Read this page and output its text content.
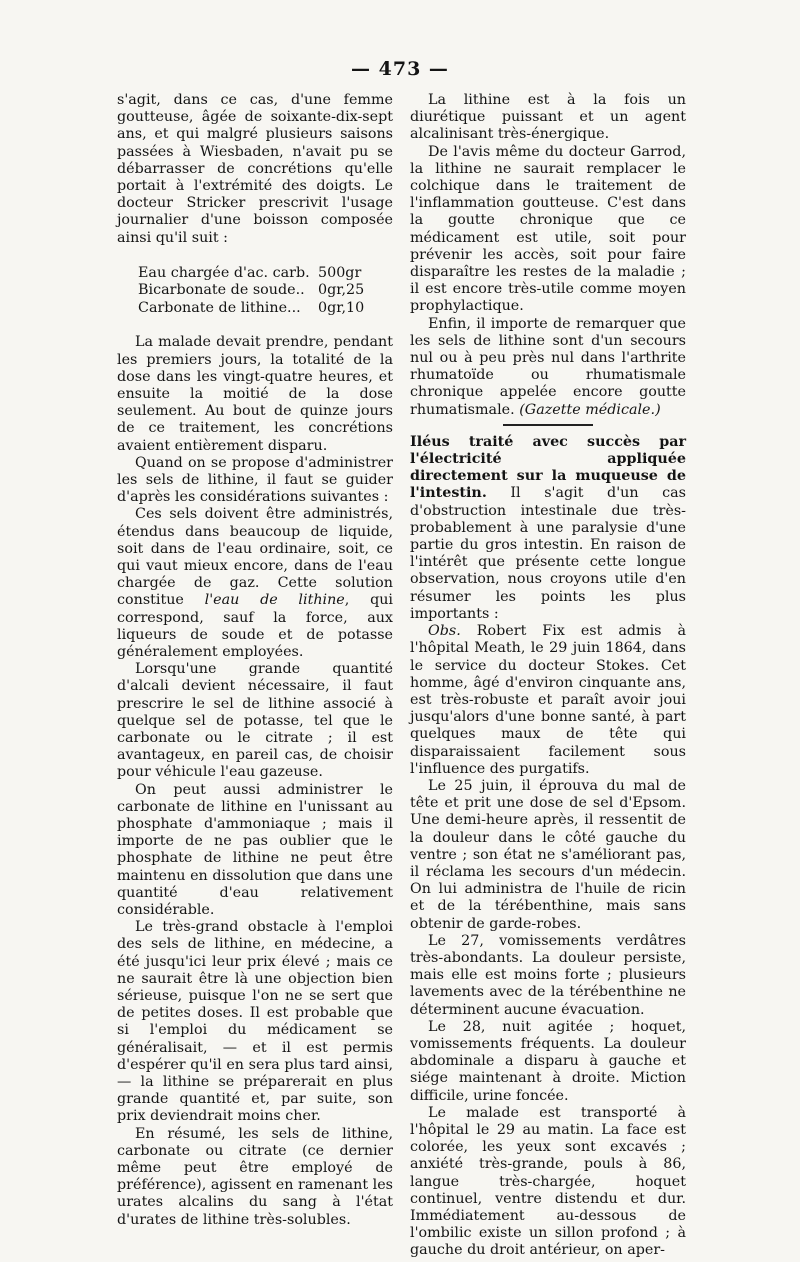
— 473 —

s'agit, dans ce cas, d'une femme goutteuse, âgée de soixante-dix-sept ans, et qui malgré plusieurs saisons passées à Wiesbaden, n'avait pu se débarrasser de concrétions qu'elle portait à l'extrémité des doigts. Le docteur Stricker prescrivit l'usage journalier d'une boisson composée ainsi qu'il suit :

Eau chargée d'ac. carb. 500gr
Bicarbonate de soude.. 0gr,25
Carbonate de lithine...	0gr,10

La malade devait prendre, pendant les premiers jours, la totalité de la dose dans les vingt-quatre heures, et ensuite la moitié de la dose seulement. Au bout de quinze jours de ce traitement, les concrétions avaient entièrement disparu.

Quand on se propose d'administrer les sels de lithine, il faut se guider d'après les considérations suivantes :

Ces sels doivent être administrés, étendus dans beaucoup de liquide, soit dans de l'eau ordinaire, soit, ce qui vaut mieux encore, dans de l'eau chargée de gaz. Cette solution constitue l'eau de lithine, qui correspond, sauf la force, aux liqueurs de soude et de potasse généralement employées.

Lorsqu'une grande quantité d'alcali devient nécessaire, il faut prescrire le sel de lithine associé à quelque sel de potasse, tel que le carbonate ou le citrate ; il est avantageux, en pareil cas, de choisir pour véhicule l'eau gazeuse.

On peut aussi administrer le carbonate de lithine en l'unissant au phosphate d'ammoniaque ; mais il importe de ne pas oublier que le phosphate de lithine ne peut être maintenu en dissolution que dans une quantité d'eau relativement considérable.

Le très-grand obstacle à l'emploi des sels de lithine, en médecine, a été jusqu'ici leur prix élevé ; mais ce ne saurait être là une objection bien sérieuse, puisque l'on ne se sert que de petites doses. Il est probable que si l'emploi du médicament se généralisait, — et il est permis d'espérer qu'il en sera plus tard ainsi, — la lithine se préparerait en plus grande quantité et, par suite, son prix deviendrait moins cher.

En résumé, les sels de lithine, carbonate ou citrate (ce dernier même peut être employé de préférence), agissent en ramenant les urates alcalins du sang à l'état d'urates de lithine très-solubles.

La lithine est à la fois un diurétique puissant et un agent alcalinisant très-énergique.

De l'avis même du docteur Garrod, la lithine ne saurait remplacer le colchique dans le traitement de l'inflammation goutteuse. C'est dans la goutte chronique que ce médicament est utile, soit pour prévenir les accès, soit pour faire disparaître les restes de la maladie ; il est encore très-utile comme moyen prophylactique.

Enfin, il importe de remarquer que les sels de lithine sont d'un secours nul ou à peu près nul dans l'arthrite rhumatoïde ou rhumatismale chronique appelée encore goutte rhumatismale. (Gazette médicale.)

Iléus traité avec succès par l'électricité appliquée directement sur la muqueuse de l'intestin. Il s'agit d'un cas d'obstruction intestinale due très-probablement à une paralysie d'une partie du gros intestin. En raison de l'intérêt que présente cette longue observation, nous croyons utile d'en résumer les points les plus importants :

Obs. Robert Fix est admis à l'hôpital Meath, le 29 juin 1864, dans le service du docteur Stokes. Cet homme, âgé d'environ cinquante ans, est très-robuste et paraît avoir joui jusqu'alors d'une bonne santé, à part quelques maux de tête qui disparaissaient facilement sous l'influence des purgatifs.

Le 25 juin, il éprouva du mal de tête et prit une dose de sel d'Epsom. Une demi-heure après, il ressentit de la douleur dans le côté gauche du ventre ; son état ne s'améliorant pas, il réclama les secours d'un médecin. On lui administra de l'huile de ricin et de la térébenthine, mais sans obtenir de garde-robes.

Le 27, vomissements verdâtres très-abondants. La douleur persiste, mais elle est moins forte ; plusieurs lavements avec de la térébenthine ne déterminent aucune évacuation.

Le 28, nuit agitée ; hoquet, vomissements fréquents. La douleur abdominale a disparu à gauche et siége maintenant à droite. Miction difficile, urine foncée.

Le malade est transporté à l'hôpital le 29 au matin. La face est colorée, les yeux sont excavés ; anxiété très-grande, pouls à 86, langue très-chargée, hoquet continuel, ventre distendu et dur. Immédiatement au-dessous de l'ombilic existe un sillon profond ; à gauche du droit antérieur, on aper-
